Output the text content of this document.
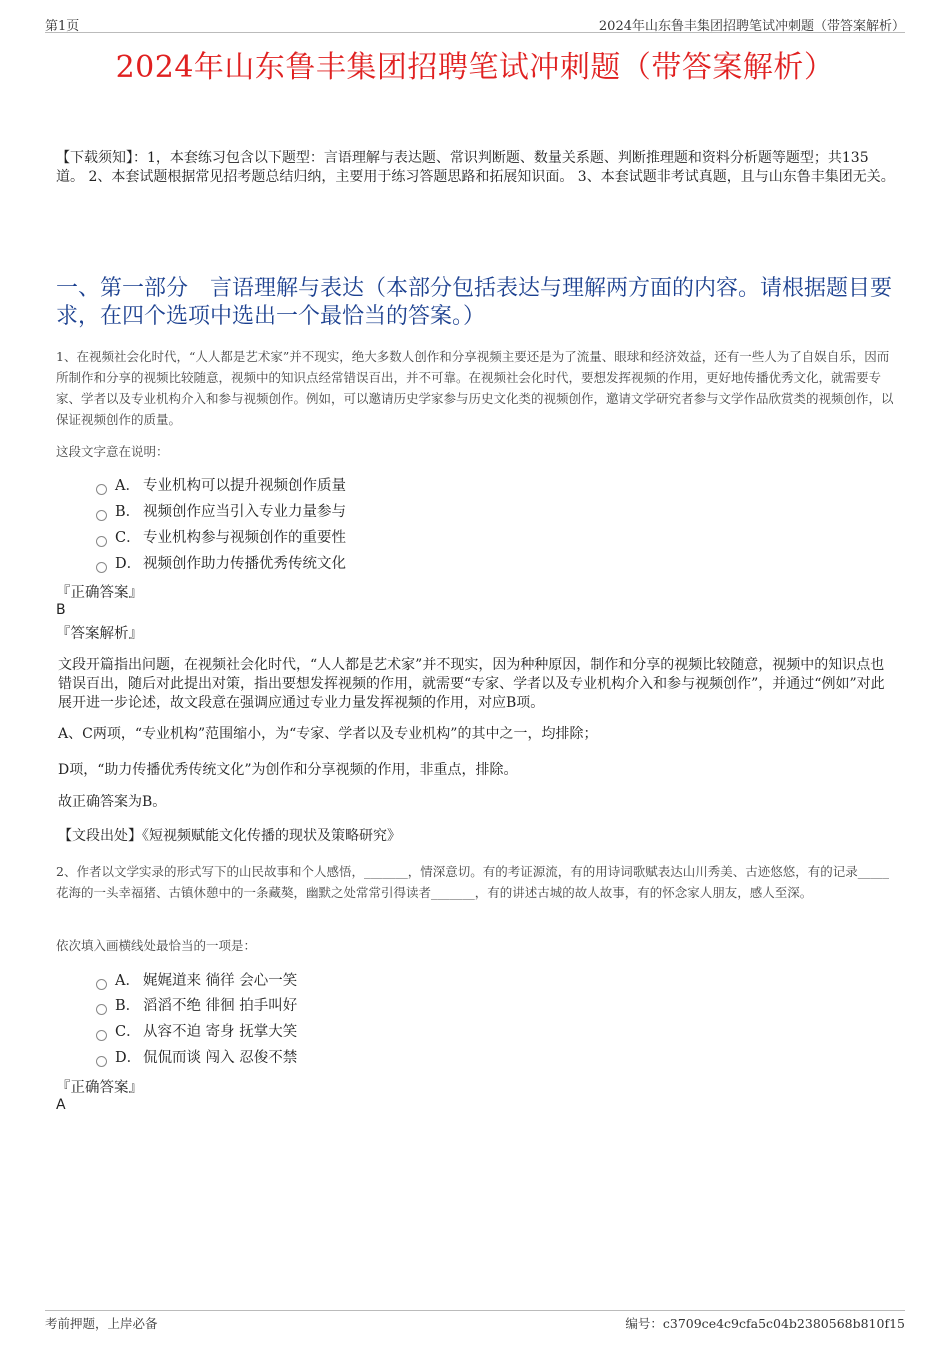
第1页	2024年山东鲁丰集团招聘笔试冲刺题（带答案解析）
2024年山东鲁丰集团招聘笔试冲刺题（带答案解析）
【下载须知】：1，本套练习包含以下题型：言语理解与表达题、常识判断题、数量关系题、判断推理题和资料分析题等题型；共135道。 2、本套试题根据常见招考题总结归纳，主要用于练习答题思路和拓展知识面。 3、本套试题非考试真题，且与山东鲁丰集团无关。
一、第一部分　言语理解与表达（本部分包括表达与理解两方面的内容。请根据题目要求，在四个选项中选出一个最恰当的答案。）
1、在视频社会化时代，“人人都是艺术家”并不现实，绝大多数人创作和分享视频主要还是为了流量、眼球和经济效益，还有一些人为了自娱自乐，因而所制作和分享的视频比较随意，视频中的知识点经常错误百出，并不可靠。在视频社会化时代，要想发挥视频的作用，更好地传播优秀文化，就需要专家、学者以及专业机构介入和参与视频创作。例如，可以邀请历史学家参与历史文化类的视频创作，邀请文学研究者参与文学作品欣赏类的视频创作，以保证视频创作的质量。
这段文字意在说明：
A． 专业机构可以提升视频创作质量
B． 视频创作应当引入专业力量参与
C． 专业机构参与视频创作的重要性
D． 视频创作助力传播优秀传统文化
『正确答案』
B
『答案解析』
文段开篇指出问题，在视频社会化时代，“人人都是艺术家”并不现实，因为种种原因，制作和分享的视频比较随意，视频中的知识点也错误百出，随后对此提出对策，指出要想发挥视频的作用，就需要“专家、学者以及专业机构介入和参与视频创作”，并通过“例如”对此展开进一步论述，故文段意在强调应通过专业力量发挥视频的作用，对应B项。
A、C两项，“专业机构”范围缩小，为“专家、学者以及专业机构”的其中之一，均排除；
D项，“助力传播优秀传统文化”为创作和分享视频的作用，非重点，排除。
故正确答案为B。
【文段出处】《短视频赋能文化传播的现状及策略研究》
2、作者以文学实录的形式写下的山民故事和个人感悟，_______，情深意切。有的考证源流，有的用诗词歌赋表达山川秀美、古迹悠悠，有的记录_____花海的一头幸福猪、古镇休憩中的一条藏獒，幽默之处常常引得读者_______，有的讲述古城的故人故事，有的怀念家人朋友，感人至深。
依次填入画横线处最恰当的一项是：
A． 娓娓道来 徜徉 会心一笑
B． 滔滔不绝 徘徊 拍手叫好
C． 从容不迫 寄身 抚掌大笑
D． 侃侃而谈 闯入 忍俊不禁
『正确答案』
A
考前押题，上岸必备	编号：c3709ce4c9cfa5c04b2380568b810f15
